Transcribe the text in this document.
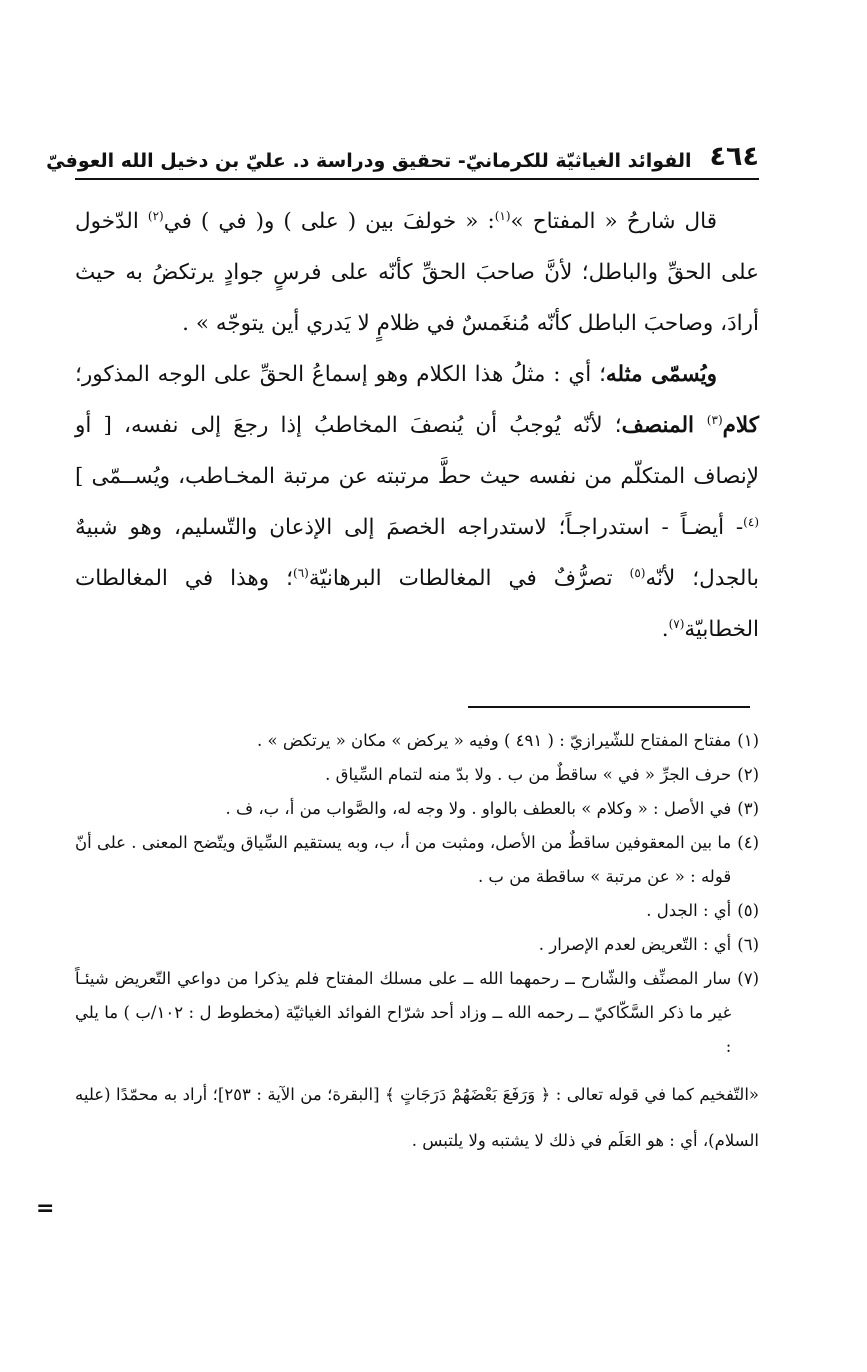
٤٦٤
الفوائد الغياثيّة للكرمانيّ- تحقيق ودراسة د. عليّ بن دخيل الله العوفيّ

قال شارحُ « المفتاح »$^{(١)}$: « خولفَ بين ( على ) و( في ) في$^{(٢)}$ الدّخول على الحقِّ والباطل؛ لأنَّ صاحبَ الحقِّ كأنّه على فرسٍ جوادٍ يرتكضُ به حيث أرادَ، وصاحبَ الباطل كأنّه مُنغَمسٌ في ظلامٍ لا يَدري أين يتوجّه » .

ويُسمّى مثله؛ أي : مثلُ هذا الكلام وهو إسماعُ الحقِّ على الوجه المذكور؛ كلام$^{(٣)}$ المنصف؛ لأنّه يُوجبُ أن يُنصفَ المخاطبُ إذا رجعَ إلى نفسه، [ أو لإنصاف المتكلّم من نفسه حيث حطَّ مرتبته عن مرتبة المخـاطب، ويُســمّى ]$^{(٤)}$- أيضـاً - استدراجـاً؛ لاستدراجه الخصمَ إلى الإذعان والتّسليم، وهو شبيهٌ بالجدل؛ لأنّه$^{(٥)}$ تصرُّفٌ في المغالطات البرهانيّة$^{(٦)}$؛ وهذا في المغالطات الخطابيّة$^{(٧)}$.

(١)
مفتاح المفتاح للشّيرازيّ : ( ٤٩١ ) وفيه « يركض » مكان « يرتكض » .
(٢)
حرف الجرِّ « في » ساقطٌ من ب . ولا بدّ منه لتمام السِّياق .
(٣)
في الأصل : « وكلام » بالعطف بالواو . ولا وجه له، والصَّواب من أ، ب، ف .
(٤)
ما بين المعقوفين ساقطٌ من الأصل، ومثبت من أ، ب، وبه يستقيم السِّياق ويتّضح المعنى . على أنّ قوله : « عن مرتبة » ساقطة من ب .
(٥)
أي : الجدل .
(٦)
أي : التّعريض لعدم الإصرار .
(٧)
سار المصنِّف والشّارح ــ رحمهما الله ــ على مسلك المفتاح فلم يذكرا من دواعي التّعريض شيئـاً غير ما ذكر السَّكّاكيّ ــ رحمه الله ــ وزاد أحد شرّاح الفوائد الغياثيّة (مخطوط ل : ١٠٢/ب ) ما يلي :

«التّفخيم كما في قوله تعالى : ﴿ وَرَفَعَ بَعْضَهُمْ دَرَجَاتٍ ﴾ [البقرة؛ من الآية : ٢٥٣]؛ أراد به محمّدًا (عليه السلام)، أي : هو العَلَم في ذلك لا يشتبه ولا يلتبس .

=
